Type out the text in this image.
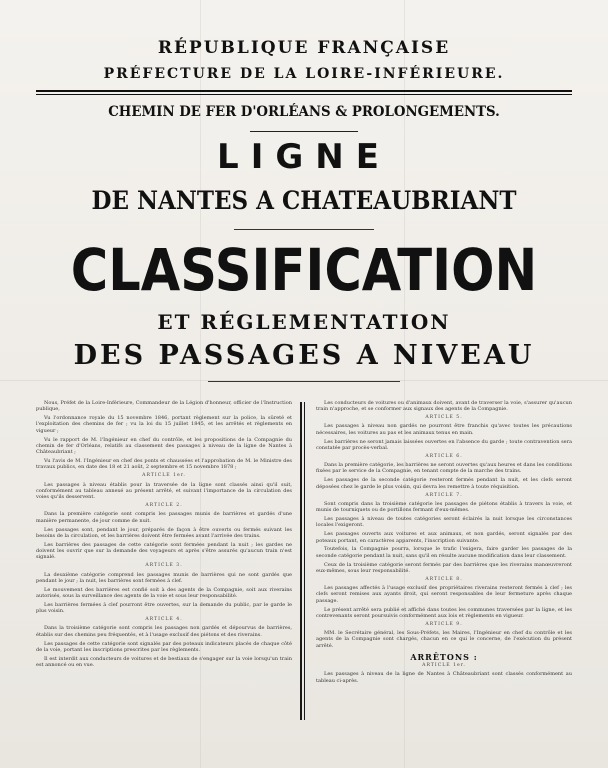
RÉPUBLIQUE FRANÇAISE
PRÉFECTURE DE LA LOIRE-INFÉRIEURE.
CHEMIN DE FER D'ORLÉANS & PROLONGEMENTS.
LIGNE
DE NANTES A CHATEAUBRIANT
CLASSIFICATION
ET RÉGLEMENTATION
DES PASSAGES A NIVEAU
Nous, Préfet de la Loire-Inférieure, Commandeur de la Légion d'honneur, officier de l'Instruction publique,
Vu l'ordonnance royale du 15 novembre 1846, portant règlement sur la police, la sûreté et l'exploitation des chemins de fer ; vu la loi du 15 juillet 1845, et les arrêtés et règlements en vigueur ;
Vu le rapport de M. l'Ingénieur en chef du contrôle, et les propositions de la Compagnie du chemin de fer d'Orléans, relatifs au classement des passages à niveau de la ligne de Nantes à Châteaubriant ;
Vu l'avis de M. l'Ingénieur en chef des ponts et chaussées et l'approbation de M. le Ministre des travaux publics, en date des 18 et 21 août, 2 septembre et 15 novembre 1878 ;
ARTICLE 1er.
Les passages à niveau établis pour la traversée de la ligne sont classés ainsi qu'il suit, conformément au tableau annexé au présent arrêté, et suivant l'importance de la circulation des voies qu'ils desservent.
ARTICLE 2.
Dans la première catégorie sont compris les passages munis de barrières et gardés d'une manière permanente, de jour comme de nuit.
Les passages sont, pendant le jour, préparés de façon à être ouverts ou fermés suivant les besoins de la circulation, et les barrières doivent être fermées avant l'arrivée des trains.
Les barrières des passages de cette catégorie sont fermées pendant la nuit ; les gardes ne doivent les ouvrir que sur la demande des voyageurs et après s'être assurés qu'aucun train n'est signalé.
ARTICLE 3.
La deuxième catégorie comprend les passages munis de barrières qui ne sont gardés que pendant le jour ; la nuit, les barrières sont fermées à clef.
Le mouvement des barrières est confié soit à des agents de la Compagnie, soit aux riverains autorisés, sous la surveillance des agents de la voie et sous leur responsabilité.
Les barrières fermées à clef pourront être ouvertes, sur la demande du public, par le garde le plus voisin.
ARTICLE 4.
Dans la troisième catégorie sont compris les passages non gardés et dépourvus de barrières, établis sur des chemins peu fréquentés, et à l'usage exclusif des piétons et des riverains.
Les passages de cette catégorie sont signalés par des poteaux indicateurs placés de chaque côté de la voie, portant les inscriptions prescrites par les règlements.
Il est interdit aux conducteurs de voitures et de bestiaux de s'engager sur la voie lorsqu'un train est annoncé ou en vue.
Les conducteurs de voitures ou d'animaux doivent, avant de traverser la voie, s'assurer qu'aucun train n'approche, et se conformer aux signaux des agents de la Compagnie.
ARTICLE 5.
Les passages à niveau non gardés ne pourront être franchis qu'avec toutes les précautions nécessaires, les voitures au pas et les animaux tenus en main.
Les barrières ne seront jamais laissées ouvertes en l'absence du garde ; toute contravention sera constatée par procès-verbal.
ARTICLE 6.
Dans la première catégorie, les barrières ne seront ouvertes qu'aux heures et dans les conditions fixées par le service de la Compagnie, en tenant compte de la marche des trains.
Les passages de la seconde catégorie resteront fermés pendant la nuit, et les clefs seront déposées chez le garde le plus voisin, qui devra les remettre à toute réquisition.
ARTICLE 7.
Sont compris dans la troisième catégorie les passages de piétons établis à travers la voie, et munis de tourniquets ou de portillons fermant d'eux-mêmes.
Les passages à niveau de toutes catégories seront éclairés la nuit lorsque les circonstances locales l'exigeront.
Les passages ouverts aux voitures et aux animaux, et non gardés, seront signalés par des poteaux portant, en caractères apparents, l'inscription suivante.
Toutefois, la Compagnie pourra, lorsque le trafic l'exigera, faire garder les passages de la seconde catégorie pendant la nuit, sans qu'il en résulte aucune modification dans leur classement.
Ceux de la troisième catégorie seront fermés par des barrières que les riverains manœuvreront eux-mêmes, sous leur responsabilité.
ARTICLE 8.
Les passages affectés à l'usage exclusif des propriétaires riverains resteront fermés à clef ; les clefs seront remises aux ayants droit, qui seront responsables de leur fermeture après chaque passage.
Le présent arrêté sera publié et affiché dans toutes les communes traversées par la ligne, et les contrevenants seront poursuivis conformément aux lois et règlements en vigueur.
ARTICLE 9.
MM. le Secrétaire général, les Sous-Préfets, les Maires, l'Ingénieur en chef du contrôle et les agents de la Compagnie sont chargés, chacun en ce qui le concerne, de l'exécution du présent arrêté.
ARRÊTONS :
ARTICLE 1er.
Les passages à niveau de la ligne de Nantes à Châteaubriant sont classés conformément au tableau ci-après.
